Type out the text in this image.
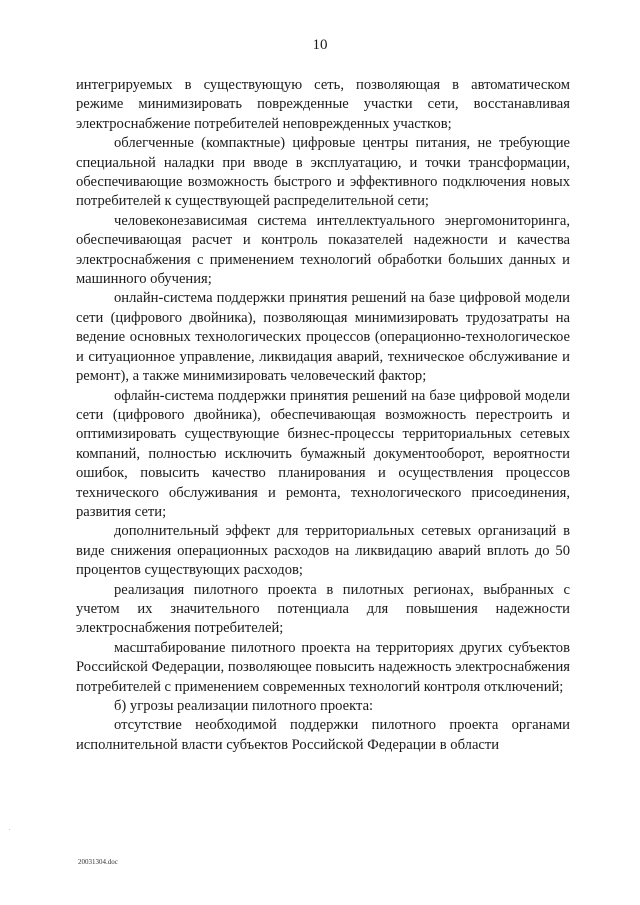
10

интегрируемых в существующую сеть, позволяющая в автоматическом режиме минимизировать поврежденные участки сети, восстанавливая электроснабжение потребителей неповрежденных участков;

облегченные (компактные) цифровые центры питания, не требующие специальной наладки при вводе в эксплуатацию, и точки трансформации, обеспечивающие возможность быстрого и эффективного подключения новых потребителей к существующей распределительной сети;

человеконезависимая система интеллектуального энергомониторинга, обеспечивающая расчет и контроль показателей надежности и качества электроснабжения с применением технологий обработки больших данных и машинного обучения;

онлайн-система поддержки принятия решений на базе цифровой модели сети (цифрового двойника), позволяющая минимизировать трудозатраты на ведение основных технологических процессов (операционно-технологическое и ситуационное управление, ликвидация аварий, техническое обслуживание и ремонт), а также минимизировать человеческий фактор;

офлайн-система поддержки принятия решений на базе цифровой модели сети (цифрового двойника), обеспечивающая возможность перестроить и оптимизировать существующие бизнес-процессы территориальных сетевых компаний, полностью исключить бумажный документооборот, вероятности ошибок, повысить качество планирования и осуществления процессов технического обслуживания и ремонта, технологического присоединения, развития сети;

дополнительный эффект для территориальных сетевых организаций в виде снижения операционных расходов на ликвидацию аварий вплоть до 50 процентов существующих расходов;

реализация пилотного проекта в пилотных регионах, выбранных с учетом их значительного потенциала для повышения надежности электроснабжения потребителей;

масштабирование пилотного проекта на территориях других субъектов Российской Федерации, позволяющее повысить надежность электроснабжения потребителей с применением современных технологий контроля отключений;

б) угрозы реализации пилотного проекта:

отсутствие необходимой поддержки пилотного проекта органами исполнительной власти субъектов Российской Федерации в области

.
20031304.doc
